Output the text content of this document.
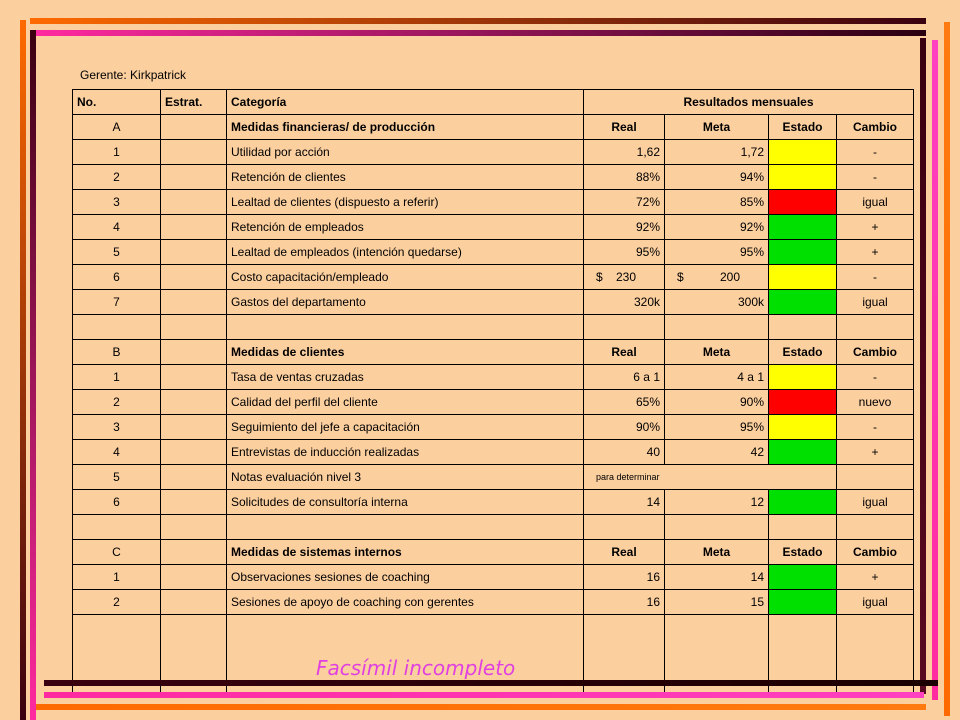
Gerente: Kirkpatrick
No.	Estrat.	Categoría	Resultados mensuales			
A		Medidas financieras/ de producción	Real	Meta	Estado	Cambio
1		Utilidad por acción	1,62	1,72		-
2		Retención de clientes	88%	94%		-
3		Lealtad de clientes (dispuesto a referir)	72%	85%		igual
4		Retención de empleados	92%	92%		+
5		Lealtad de empleados (intención quedarse)	95%	95%		+
6		Costo capacitación/empleado	$ 230	$ 200		-
7		Gastos del departamento	320k	300k		igual

B		Medidas de clientes	Real	Meta	Estado	Cambio
1		Tasa de ventas cruzadas	6 a 1	4 a 1		-
2		Calidad del perfil del cliente	65%	90%		nuevo
3		Seguimiento del jefe a capacitación	90%	95%		-
4		Entrevistas de inducción realizadas	40	42		+
5		Notas evaluación nivel 3	para determinar			
6		Solicitudes de consultoría interna	14	12		igual

C		Medidas de sistemas internos	Real	Meta	Estado	Cambio
1		Observaciones sesiones de coaching	16	14		+
2		Sesiones de apoyo de coaching con gerentes	16	15		igual

Facsímil incompleto
